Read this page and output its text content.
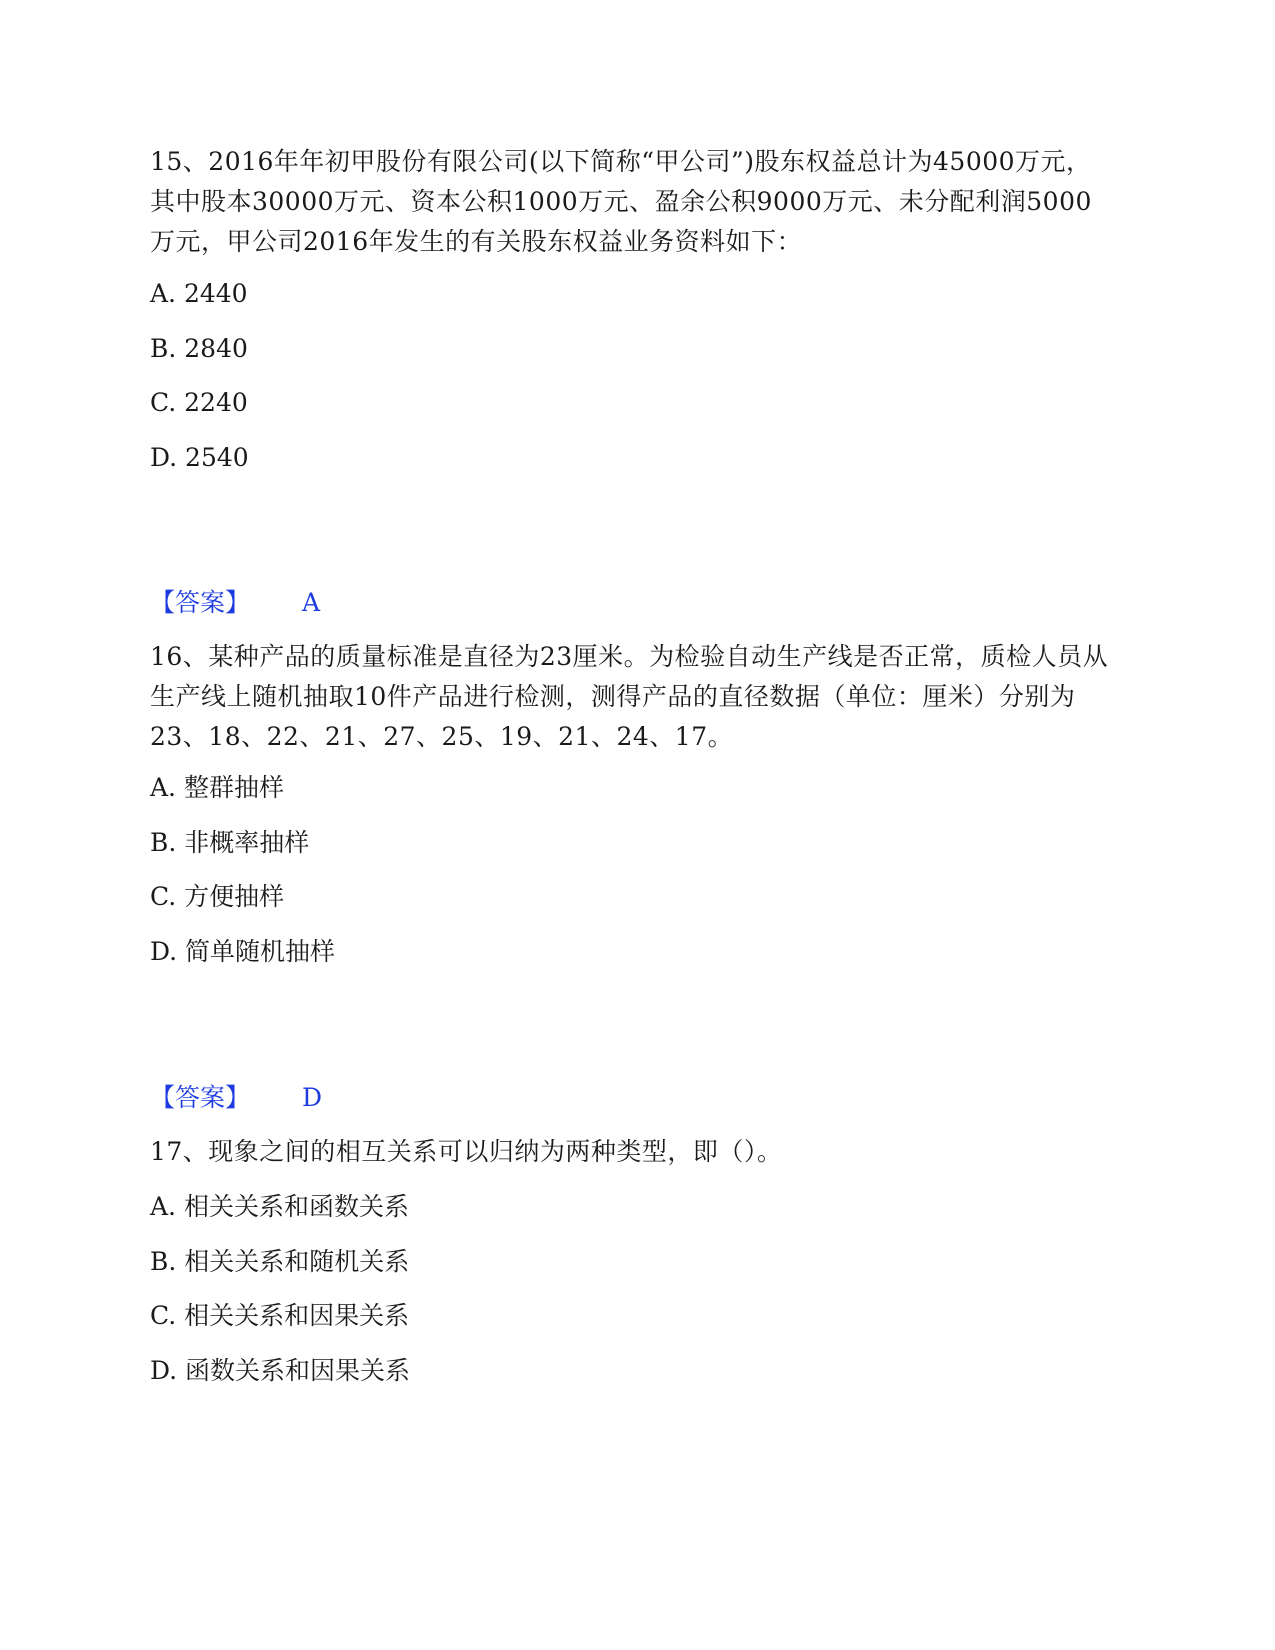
15、2016年年初甲股份有限公司(以下简称“甲公司”)股东权益总计为45000万元，其中股本30000万元、资本公积1000万元、盈余公积9000万元、未分配利润5000万元，甲公司2016年发生的有关股东权益业务资料如下：

A. 2440

B. 2840

C. 2240

D. 2540

【答案】 A

16、某种产品的质量标准是直径为23厘米。为检验自动生产线是否正常，质检人员从生产线上随机抽取10件产品进行检测，测得产品的直径数据（单位：厘米）分别为23、18、22、21、27、25、19、21、24、17。

A. 整群抽样

B. 非概率抽样

C. 方便抽样

D. 简单随机抽样

【答案】 D

17、现象之间的相互关系可以归纳为两种类型，即（）。

A. 相关关系和函数关系

B. 相关关系和随机关系

C. 相关关系和因果关系

D. 函数关系和因果关系
